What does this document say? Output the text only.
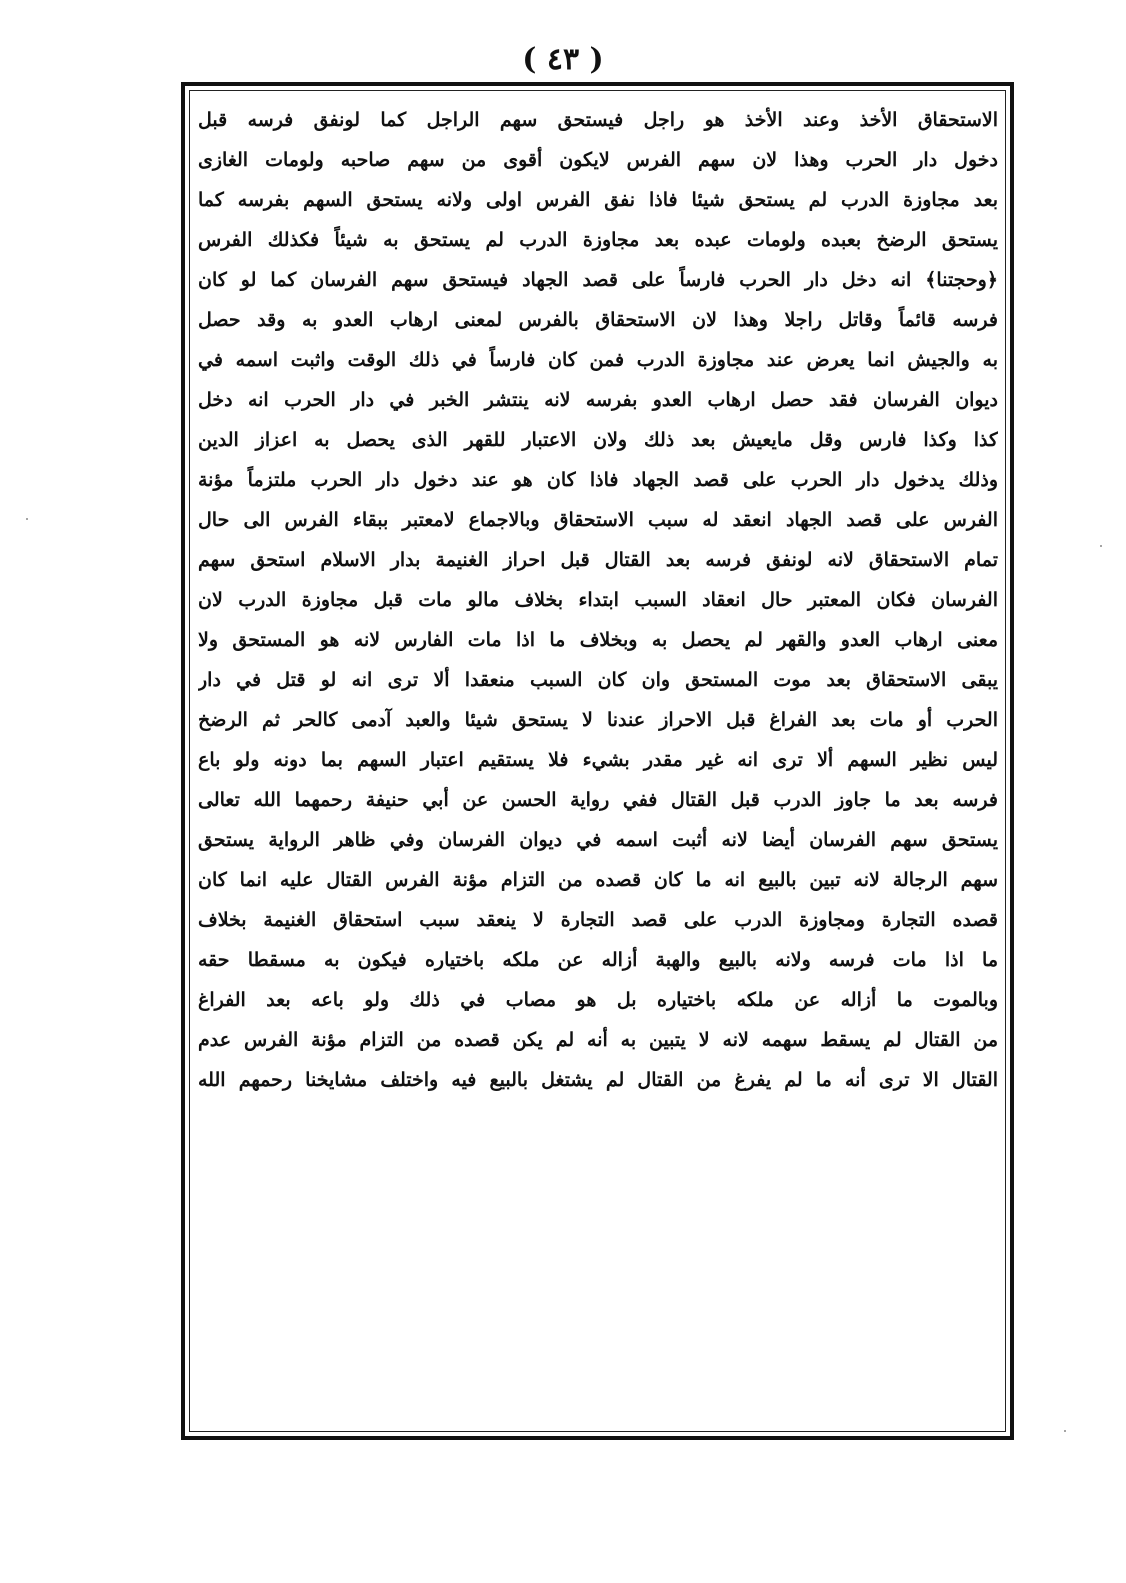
( ٤٣ )
الاستحقاق الأخذ وعند الأخذ هو راجل فيستحق سهم الراجل كما لونفق فرسه قبل
دخول دار الحرب وهذا لان سهم الفرس لايكون أقوى من سهم صاحبه ولومات الغازى
بعد مجاوزة الدرب لم يستحق شيئا فاذا نفق الفرس اولى ولانه يستحق السهم بفرسه كما
يستحق الرضخ بعبده ولومات عبده بعد مجاوزة الدرب لم يستحق به شيئاً فكذلك الفرس
﴿وحجتنا﴾ انه دخل دار الحرب فارساً على قصد الجهاد فيستحق سهم الفرسان كما لو كان
فرسه قائماً وقاتل راجلا وهذا لان الاستحقاق بالفرس لمعنى ارهاب العدو به وقد حصل
به والجيش انما يعرض عند مجاوزة الدرب فمن كان فارساً في ذلك الوقت واثبت اسمه في
ديوان الفرسان فقد حصل ارهاب العدو بفرسه لانه ينتشر الخبر في دار الحرب انه دخل
كذا وكذا فارس وقل مايعيش بعد ذلك ولان الاعتبار للقهر الذى يحصل به اعزاز الدين
وذلك يدخول دار الحرب على قصد الجهاد فاذا كان هو عند دخول دار الحرب ملتزماً مؤنة
الفرس على قصد الجهاد انعقد له سبب الاستحقاق وبالاجماع لامعتبر ببقاء الفرس الى حال
تمام الاستحقاق لانه لونفق فرسه بعد القتال قبل احراز الغنيمة بدار الاسلام استحق سهم
الفرسان فكان المعتبر حال انعقاد السبب ابتداء بخلاف مالو مات قبل مجاوزة الدرب لان
معنى ارهاب العدو والقهر لم يحصل به وبخلاف ما اذا مات الفارس لانه هو المستحق ولا
يبقى الاستحقاق بعد موت المستحق وان كان السبب منعقدا ألا ترى انه لو قتل في دار
الحرب أو مات بعد الفراغ قبل الاحراز عندنا لا يستحق شيئا والعبد آدمى كالحر ثم الرضخ
ليس نظير السهم ألا ترى انه غير مقدر بشيء فلا يستقيم اعتبار السهم بما دونه ولو باع
فرسه بعد ما جاوز الدرب قبل القتال ففي رواية الحسن عن أبي حنيفة رحمهما الله تعالى
يستحق سهم الفرسان أيضا لانه أثبت اسمه في ديوان الفرسان وفي ظاهر الرواية يستحق
سهم الرجالة لانه تبين بالبيع انه ما كان قصده من التزام مؤنة الفرس القتال عليه انما كان
قصده التجارة ومجاوزة الدرب على قصد التجارة لا ينعقد سبب استحقاق الغنيمة بخلاف
ما اذا مات فرسه ولانه بالبيع والهبة أزاله عن ملكه باختياره فيكون به مسقطا حقه
وبالموت ما أزاله عن ملكه باختياره بل هو مصاب في ذلك ولو باعه بعد الفراغ
من القتال لم يسقط سهمه لانه لا يتبين به أنه لم يكن قصده من التزام مؤنة الفرس عدم
القتال الا ترى أنه ما لم يفرغ من القتال لم يشتغل بالبيع فيه واختلف مشايخنا رحمهم الله
